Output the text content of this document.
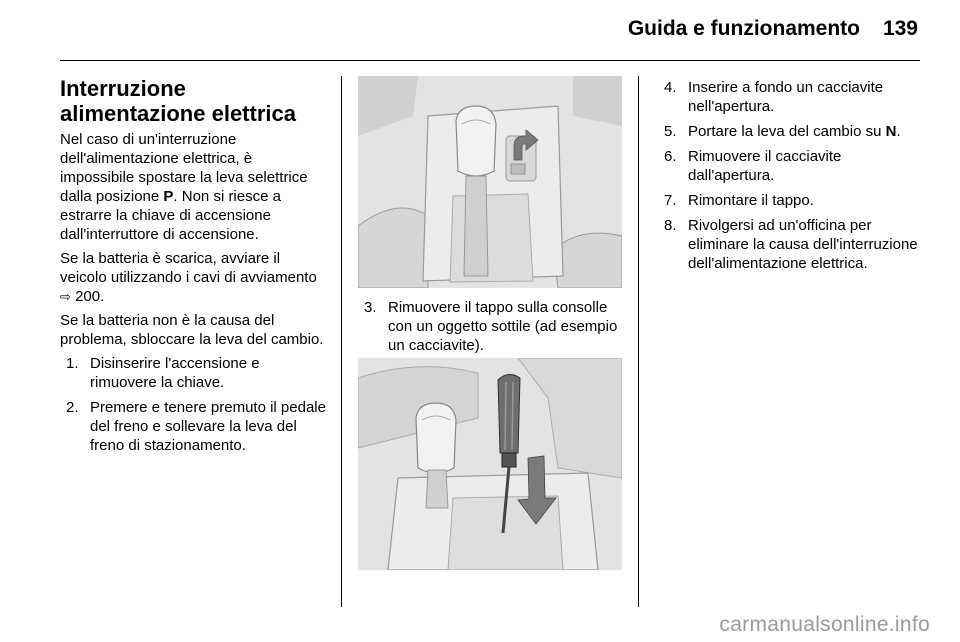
Guida e funzionamento	139
Interruzione alimentazione elettrica

Nel caso di un'interruzione dell'alimentazione elettrica, è impossibile spostare la leva selettrice dalla posizione P. Non si riesce a estrarre la chiave di accensione dall'interruttore di accensione.

Se la batteria è scarica, avviare il veicolo utilizzando i cavi di avviamento ⇨ 200.

Se la batteria non è la causa del problema, sbloccare la leva del cambio.

1. Disinserire l'accensione e rimuovere la chiave.
2. Premere e tenere premuto il pedale del freno e sollevare la leva del freno di stazionamento.
3. Rimuovere il tappo sulla consolle con un oggetto sottile (ad esempio un cacciavite).
4. Inserire a fondo un cacciavite nell'apertura.
5. Portare la leva del cambio su N.
6. Rimuovere il cacciavite dall'apertura.
7. Rimontare il tappo.
8. Rivolgersi ad un'officina per eliminare la causa dell'interruzione dell'alimentazione elettrica.
carmanualsonline.info
